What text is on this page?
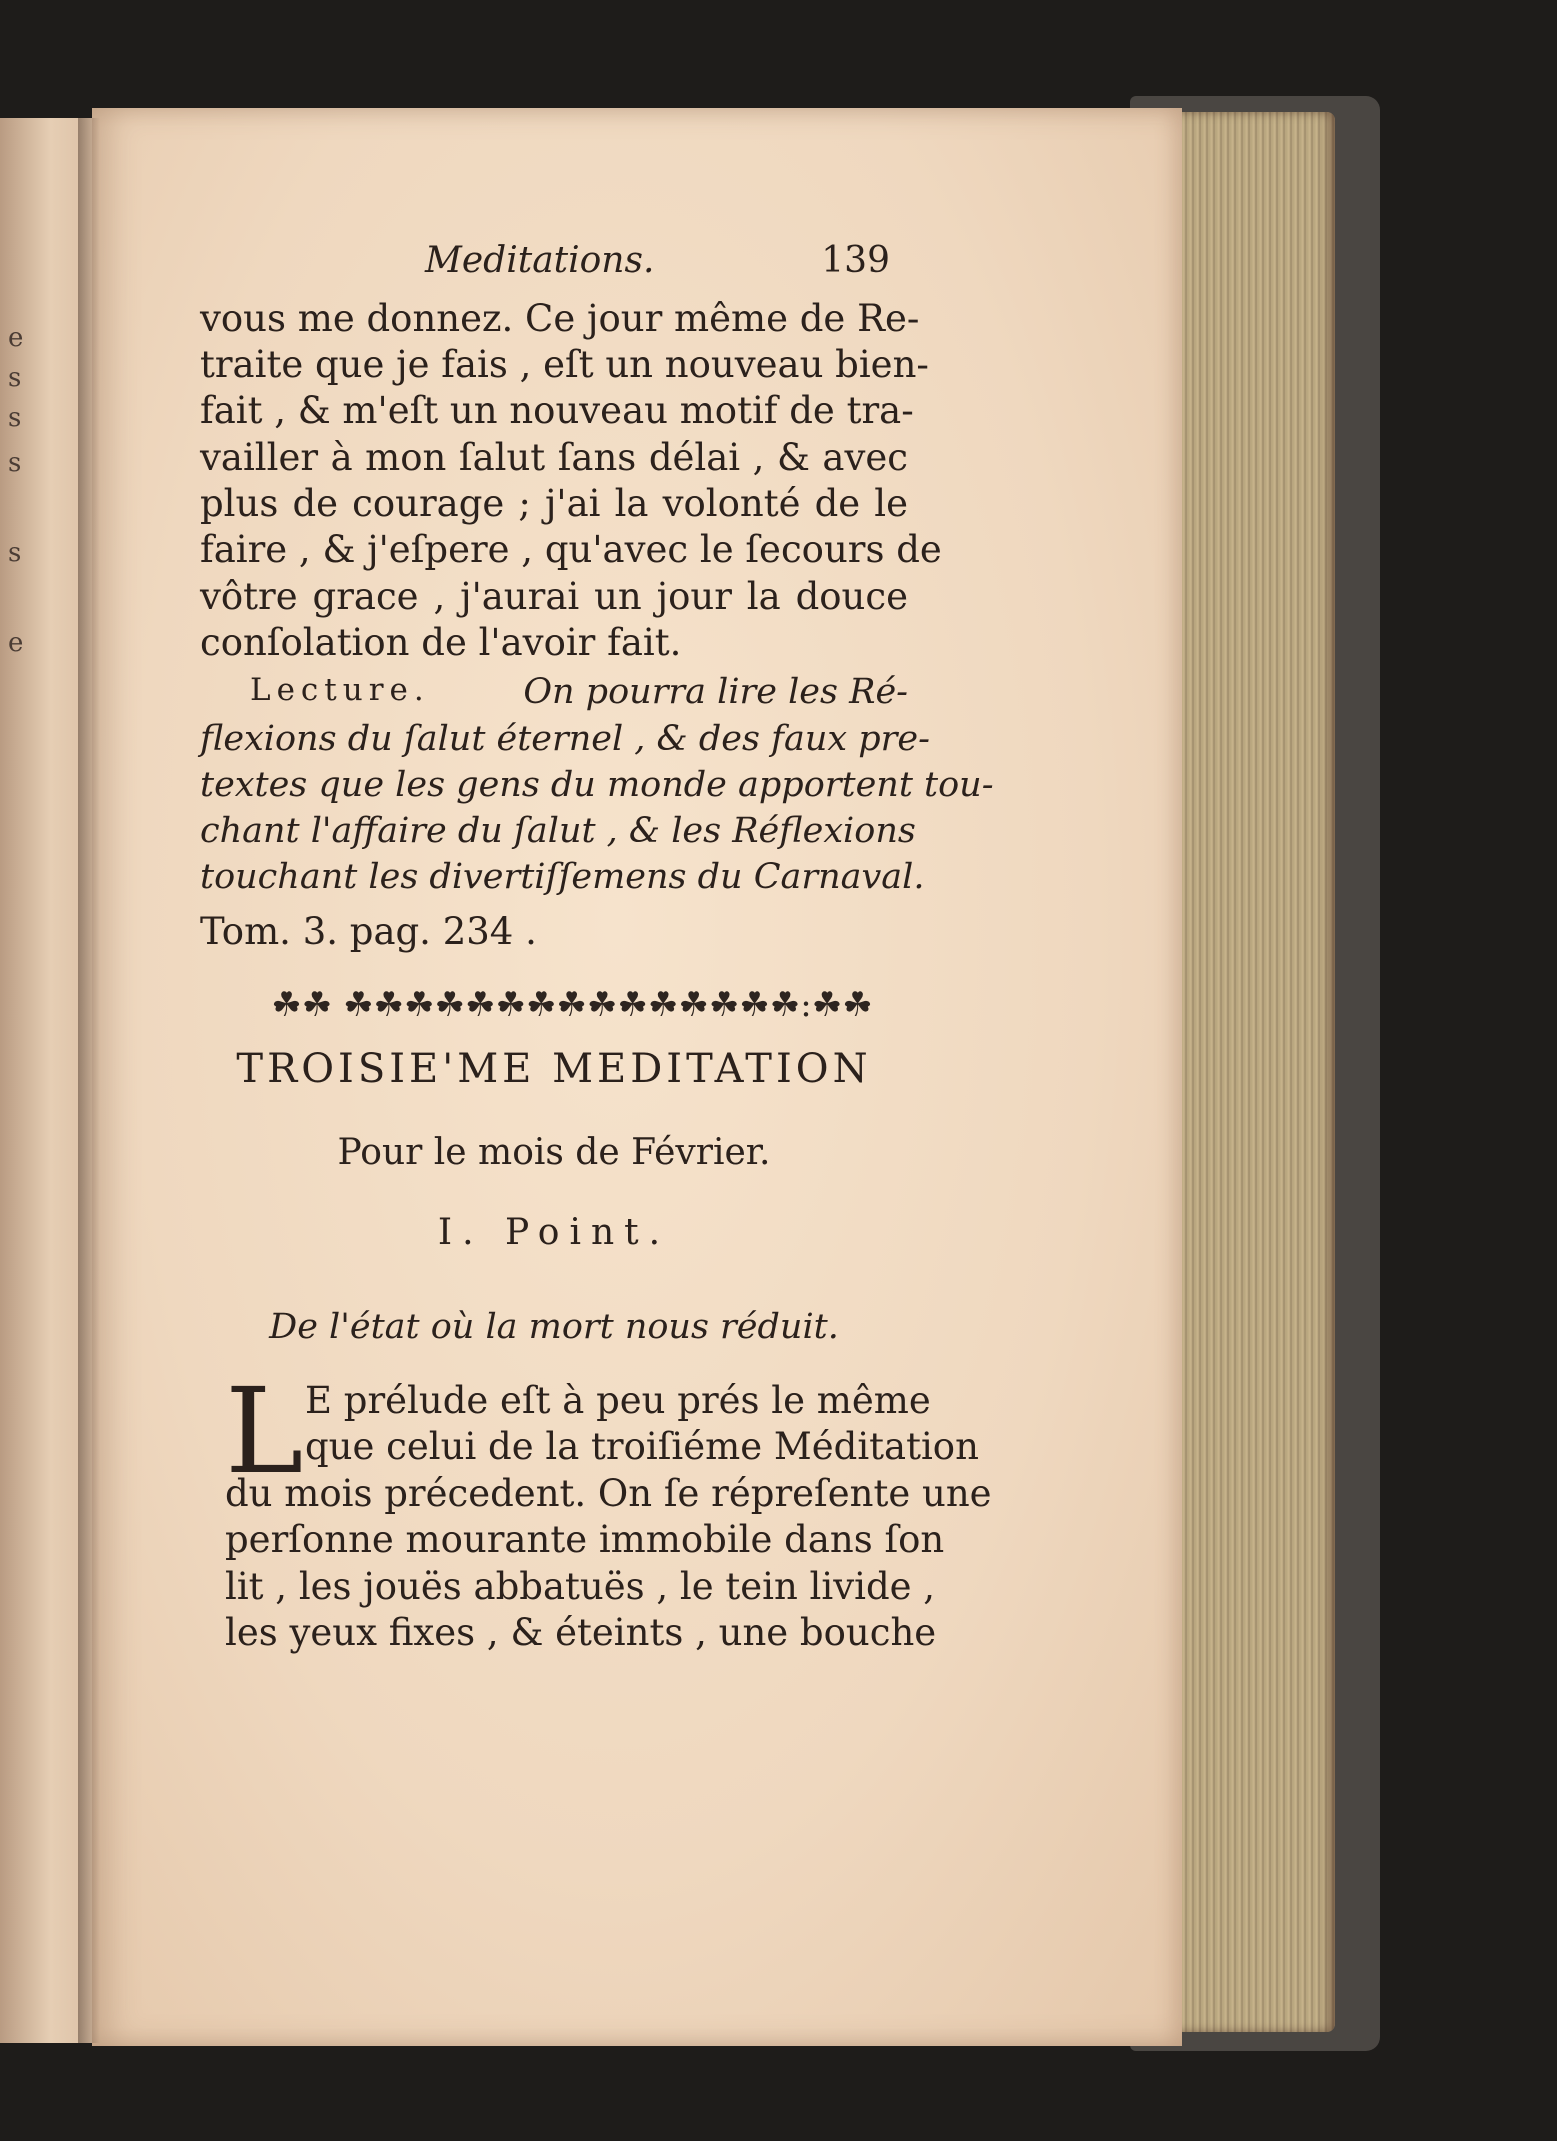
e
s
s
s
s
e
Meditations.	139
vous me donnez. Ce jour même de Re-
traite que je fais , eſt un nouveau bien-
fait , & m'eſt un nouveau motif de tra-
vailler à mon ſalut ſans délai , & avec
plus de courage ; j'ai la volonté de le
faire , & j'eſpere , qu'avec le ſecours de
vôtre grace , j'aurai un jour la douce
conſolation de l'avoir fait.
Lecture.	On pourra lire les Ré-
flexions du ſalut éternel , & des faux pre-
textes que les gens du monde apportent tou-
chant l'affaire du ſalut , & les Réflexions
touchant les divertiſſemens du Carnaval.
Tom. 3. pag. 234 .
☘☘ ☘☘☘☘☘☘☘☘☘☘☘☘☘☘☘:☘☘
TROISIE'ME MEDITATION
Pour le mois de Février.
I. Point.
De l'état où la mort nous réduit.
L E prélude eſt à peu prés le même
que celui de la troiſiéme Méditation
du mois précedent. On ſe répreſente une
perſonne mourante immobile dans ſon
lit , les jouës abbatuës , le tein livide ,
les yeux fixes , & éteints , une bouche
